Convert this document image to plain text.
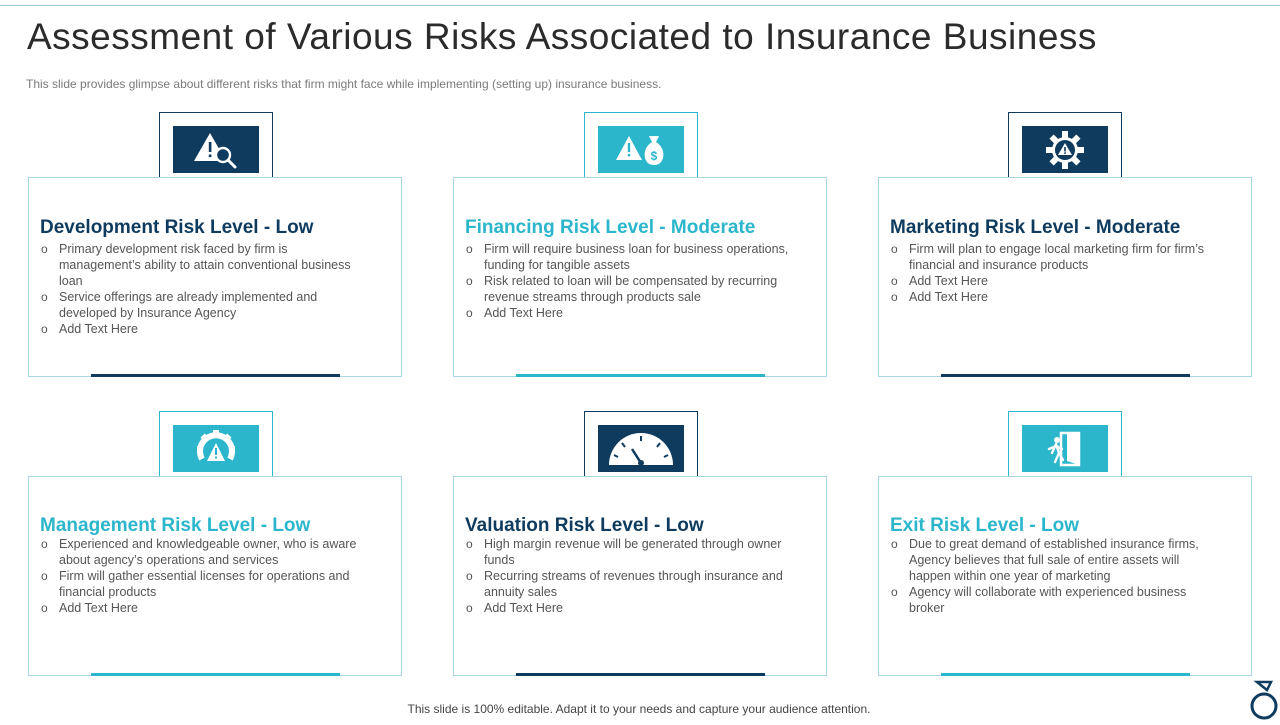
Assessment of Various Risks Associated to Insurance Business
This slide provides glimpse about different risks that firm might face while implementing (setting up) insurance business.
Development Risk Level - Low
o Primary development risk faced by firm is management’s ability to attain conventional business loan
o Service offerings are already implemented and developed by Insurance Agency
o Add Text Here
$
Financing Risk Level - Moderate
o Firm will require business loan for business operations, funding for tangible assets
o Risk related to loan will be compensated by recurring revenue streams through products sale
o Add Text Here
Marketing Risk Level - Moderate
o Firm will plan to engage local marketing firm for firm’s financial and insurance products
o Add Text Here
o Add Text Here
Management Risk Level - Low
o Experienced and knowledgeable owner, who is aware about agency’s operations and services
o Firm will gather essential licenses for operations and financial products
o Add Text Here
Valuation Risk Level - Low
o High margin revenue will be generated through owner funds
o Recurring streams of revenues through insurance and annuity sales
o Add Text Here
Exit Risk Level - Low
o Due to great demand of established insurance firms, Agency believes that full sale of entire assets will happen within one year of marketing
o Agency will collaborate with experienced business broker
This slide is 100% editable. Adapt it to your needs and capture your audience attention.
